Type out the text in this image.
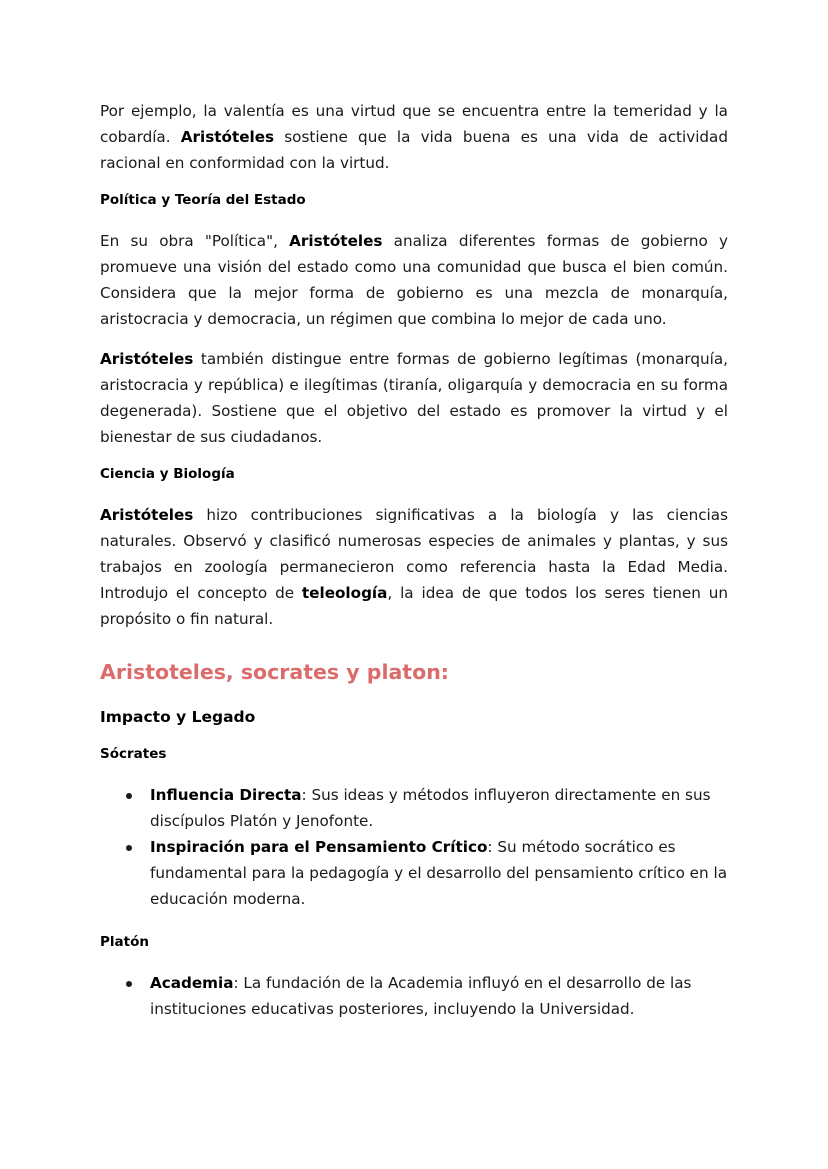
Por ejemplo, la valentía es una virtud que se encuentra entre la temeridad y la cobardía. Aristóteles sostiene que la vida buena es una vida de actividad racional en conformidad con la virtud.

Política y Teoría del Estado

En su obra "Política", Aristóteles analiza diferentes formas de gobierno y promueve una visión del estado como una comunidad que busca el bien común. Considera que la mejor forma de gobierno es una mezcla de monarquía, aristocracia y democracia, un régimen que combina lo mejor de cada uno.

Aristóteles también distingue entre formas de gobierno legítimas (monarquía, aristocracia y república) e ilegítimas (tiranía, oligarquía y democracia en su forma degenerada). Sostiene que el objetivo del estado es promover la virtud y el bienestar de sus ciudadanos.

Ciencia y Biología

Aristóteles hizo contribuciones significativas a la biología y las ciencias naturales. Observó y clasificó numerosas especies de animales y plantas, y sus trabajos en zoología permanecieron como referencia hasta la Edad Media. Introdujo el concepto de teleología, la idea de que todos los seres tienen un propósito o fin natural.

Aristoteles, socrates y platon:
Impacto y Legado
Sócrates
Influencia Directa: Sus ideas y métodos influyeron directamente en sus discípulos Platón y Jenofonte.
Inspiración para el Pensamiento Crítico: Su método socrático es fundamental para la pedagogía y el desarrollo del pensamiento crítico en la educación moderna.
Platón
Academia: La fundación de la Academia influyó en el desarrollo de las instituciones educativas posteriores, incluyendo la Universidad.
